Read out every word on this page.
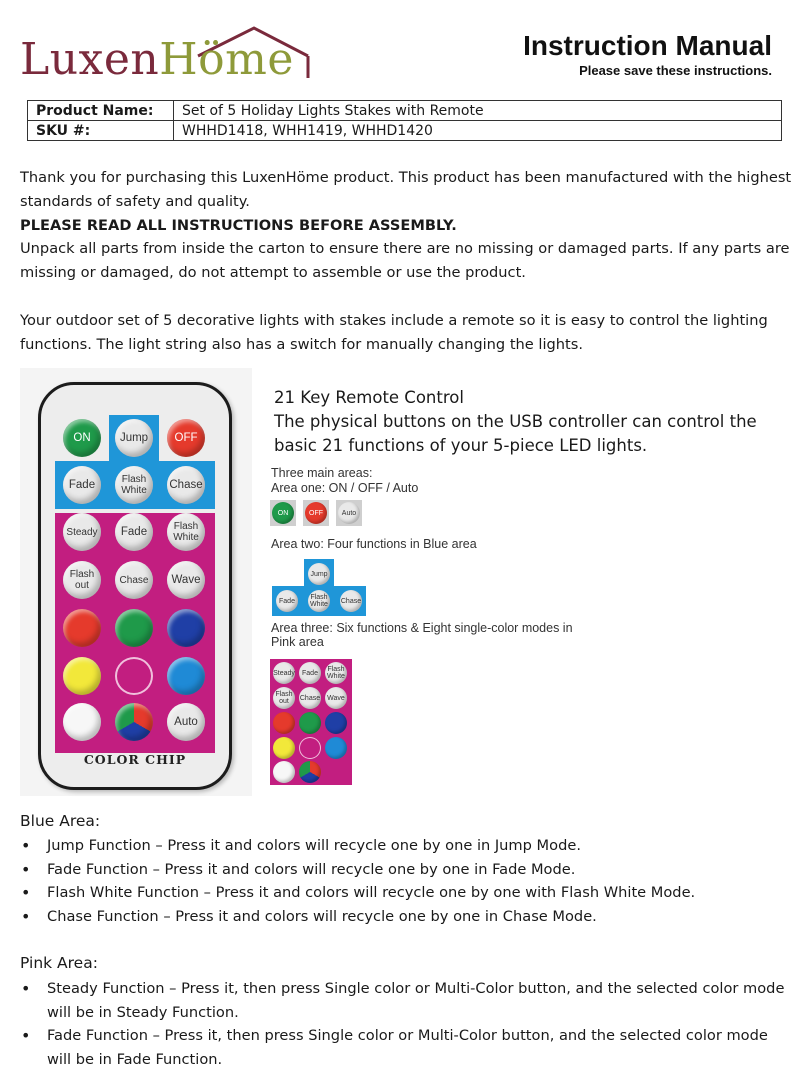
LuxenHöme	Instruction Manual
Please save these instructions.
Product Name:	Set of 5 Holiday Lights Stakes with Remote
SKU #:	WHHD1418, WHH1419, WHHD1420
Thank you for purchasing this LuxenHöme product. This product has been manufactured with the highest standards of safety and quality.
PLEASE READ ALL INSTRUCTIONS BEFORE ASSEMBLY.
Unpack all parts from inside the carton to ensure there are no missing or damaged parts. If any parts are missing or damaged, do not attempt to assemble or use the product.
Your outdoor set of 5 decorative lights with stakes include a remote so it is easy to control the lighting functions. The light string also has a switch for manually changing the lights.
ON	Jump	OFF
Fade	Flash White	Chase
Steady	Fade	Flash White
Flash out	Chase	Wave
Auto
COLOR CHIP
21 Key Remote Control
The physical buttons on the USB controller can control the basic 21 functions of your 5-piece LED lights.
Three main areas:
Area one: ON / OFF / Auto
ON	OFF	Auto
Area two: Four functions in Blue area
Jump
Fade	Flash White Chase
Area three: Six functions & Eight single-color modes in Pink area
Steady	Fade	Flash White
Flash out	Chase	Wave
Blue Area:
• Jump Function – Press it and colors will recycle one by one in Jump Mode.
• Fade Function – Press it and colors will recycle one by one in Fade Mode.
• Flash White Function – Press it and colors will recycle one by one with Flash White Mode.
• Chase Function – Press it and colors will recycle one by one in Chase Mode.
Pink Area:
• Steady Function – Press it, then press Single color or Multi-Color button, and the selected color mode will be in Steady Function.
• Fade Function – Press it, then press Single color or Multi-Color button, and the selected color mode will be in Fade Function.
